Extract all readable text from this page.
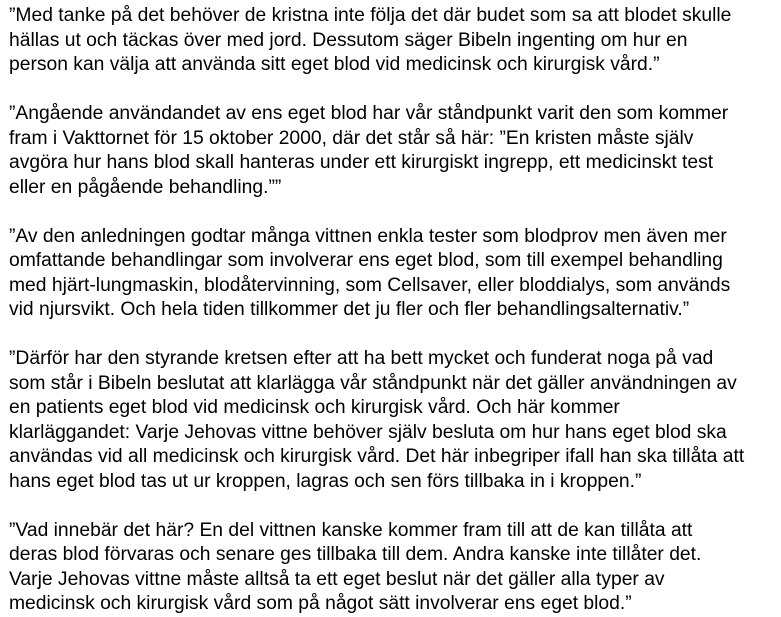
”Med tanke på det behöver de kristna inte följa det där budet som sa att blodet skulle
hällas ut och täckas över med jord. Dessutom säger Bibeln ingenting om hur en
person kan välja att använda sitt eget blod vid medicinsk och kirurgisk vård.”

”Angående användandet av ens eget blod har vår ståndpunkt varit den som kommer
fram i Vakttornet för 15 oktober 2000, där det står så här: ”En kristen måste själv
avgöra hur hans blod skall hanteras under ett kirurgiskt ingrepp, ett medicinskt test
eller en pågående behandling.””

”Av den anledningen godtar många vittnen enkla tester som blodprov men även mer
omfattande behandlingar som involverar ens eget blod, som till exempel behandling
med hjärt-lungmaskin, blodåtervinning, som Cellsaver, eller bloddialys, som används
vid njursvikt. Och hela tiden tillkommer det ju fler och fler behandlingsalternativ.”

”Därför har den styrande kretsen efter att ha bett mycket och funderat noga på vad
som står i Bibeln beslutat att klarlägga vår ståndpunkt när det gäller användningen av
en patients eget blod vid medicinsk och kirurgisk vård. Och här kommer
klarläggandet: Varje Jehovas vittne behöver själv besluta om hur hans eget blod ska
användas vid all medicinsk och kirurgisk vård. Det här inbegriper ifall han ska tillåta att
hans eget blod tas ut ur kroppen, lagras och sen förs tillbaka in i kroppen.”

”Vad innebär det här? En del vittnen kanske kommer fram till att de kan tillåta att
deras blod förvaras och senare ges tillbaka till dem. Andra kanske inte tillåter det.
Varje Jehovas vittne måste alltså ta ett eget beslut när det gäller alla typer av
medicinsk och kirurgisk vård som på något sätt involverar ens eget blod.”
